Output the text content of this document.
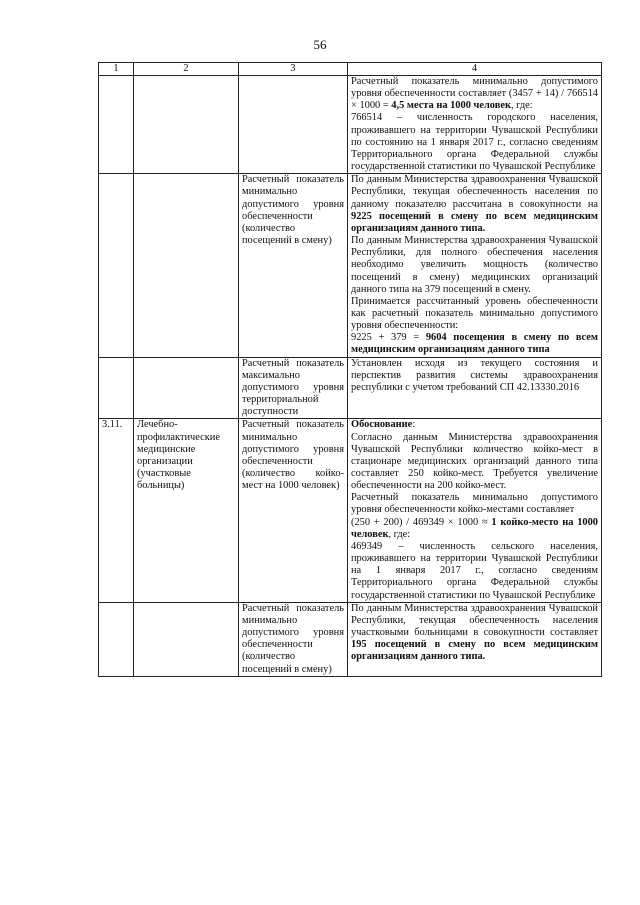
56
1	2	3	4

			Расчетный показатель минимально допустимого уровня обеспеченности составляет (3457 + 14) / 766514 × 1000 = 4,5 места на 1000 человек, где:
766514 – численность городского населения, проживавшего на территории Чувашской Республики по состоянию на 1 января 2017 г., согласно сведениям Территориального органа Федеральной службы государственной статистики по Чувашской Республике

		Расчетный показатель минимально допустимого уровня обеспеченности (количество посещений в смену)	По данным Министерства здравоохранения Чувашской Республики, текущая обеспеченность населения по данному показателю рассчитана в совокупности на 9225 посещений в смену по всем медицинским организациям данного типа.
По данным Министерства здравоохранения Чувашской Республики, для полного обеспечения населения необходимо увеличить мощность (количество посещений в смену) медицинских организаций данного типа на 379 посещений в смену.
Принимается рассчитанный уровень обеспеченности как расчетный показатель минимально допустимого уровня обеспеченности:
9225 + 379 = 9604 посещения в смену по всем медицинским организациям данного типа

		Расчетный показатель максимально допустимого уровня территориальной доступности	Установлен исходя из текущего состояния и перспектив развития системы здравоохранения республики с учетом требований СП 42.13330.2016

3.11.	Лечебно-профилактические медицинские организации (участковые больницы)	Расчетный показатель минимально допустимого уровня обеспеченности (количество койко-мест на 1000 человек)	Обоснование:
Согласно данным Министерства здравоохранения Чувашской Республики количество койко-мест в стационаре медицинских организаций данного типа составляет 250 койко-мест. Требуется увеличение обеспеченности на 200 койко-мест.
Расчетный показатель минимально допустимого уровня обеспеченности койко-местами составляет
(250 + 200) / 469349 × 1000 ≈ 1 койко-место на 1000 человек, где:
469349 – численность сельского населения, проживавшего на территории Чувашской Республики на 1 января 2017 г., согласно сведениям Территориального органа Федеральной службы государственной статистики по Чувашской Республике

		Расчетный показатель минимально допустимого уровня обеспеченности (количество посещений в смену)	По данным Министерства здравоохранения Чувашской Республики, текущая обеспеченность населения участковыми больницами в совокупности составляет 195 посещений в смену по всем медицинским организациям данного типа.
